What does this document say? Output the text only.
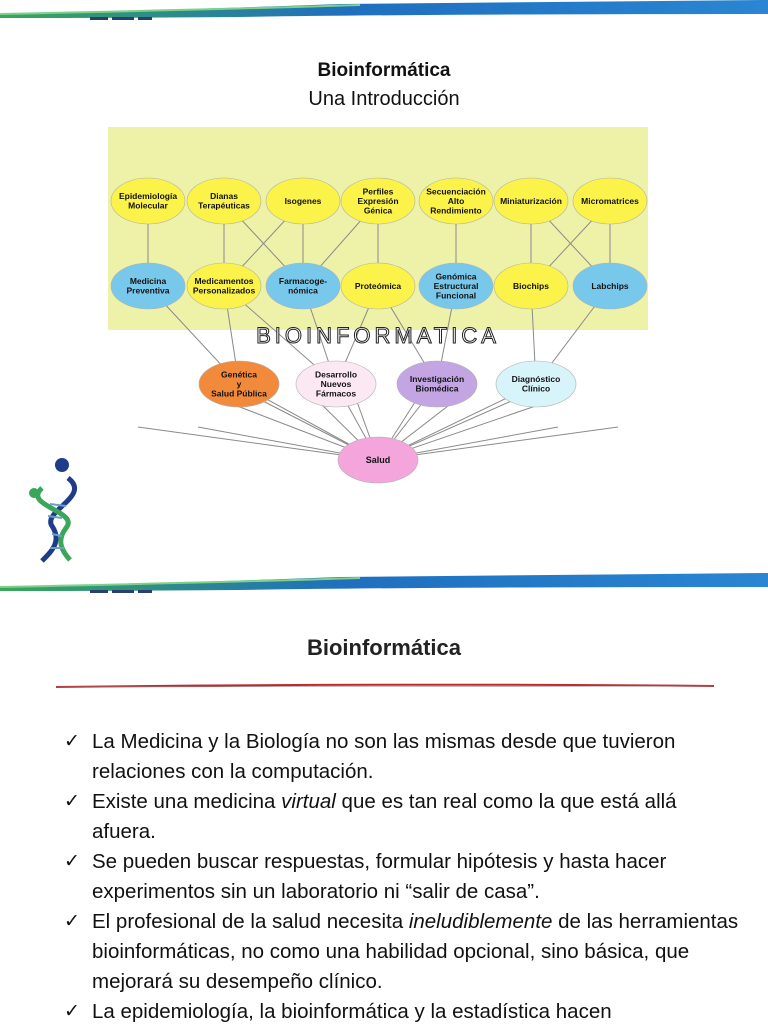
Bioinformática
Una Introducción
Epidemiología
Molecular
Dianas
Terapéuticas	Isogenes
Perfiles
Expresión
Génica
Secuenciación
Alto
Rendimiento
Miniaturización Micromatrices
Medicina
Preventiva
Medicamentos
Personalizados
Farmacoge-
nómica	Proteómica
Genómica
Estructural
Funcional
Biochips	Labchips
Genética
y
Salud Pública
Desarrollo
Nuevos
Fármacos
Investigación
Biomédica
Diagnóstico
Clínico
Salud
BIOINFORMATICA
Bioinformática
✓ La Medicina y la Biología no son las mismas desde que tuvieron relaciones con la computación.
✓ Existe una medicina virtual que es tan real como la que está allá afuera.
✓ Se pueden buscar respuestas, formular hipótesis y hasta hacer experimentos sin un laboratorio ni “salir de casa”.
✓ El profesional de la salud necesita ineludiblemente de las herramientas bioinformáticas, no como una habilidad opcional, sino básica, que mejorará su desempeño clínico.
✓ La epidemiología, la bioinformática y la estadística hacen
